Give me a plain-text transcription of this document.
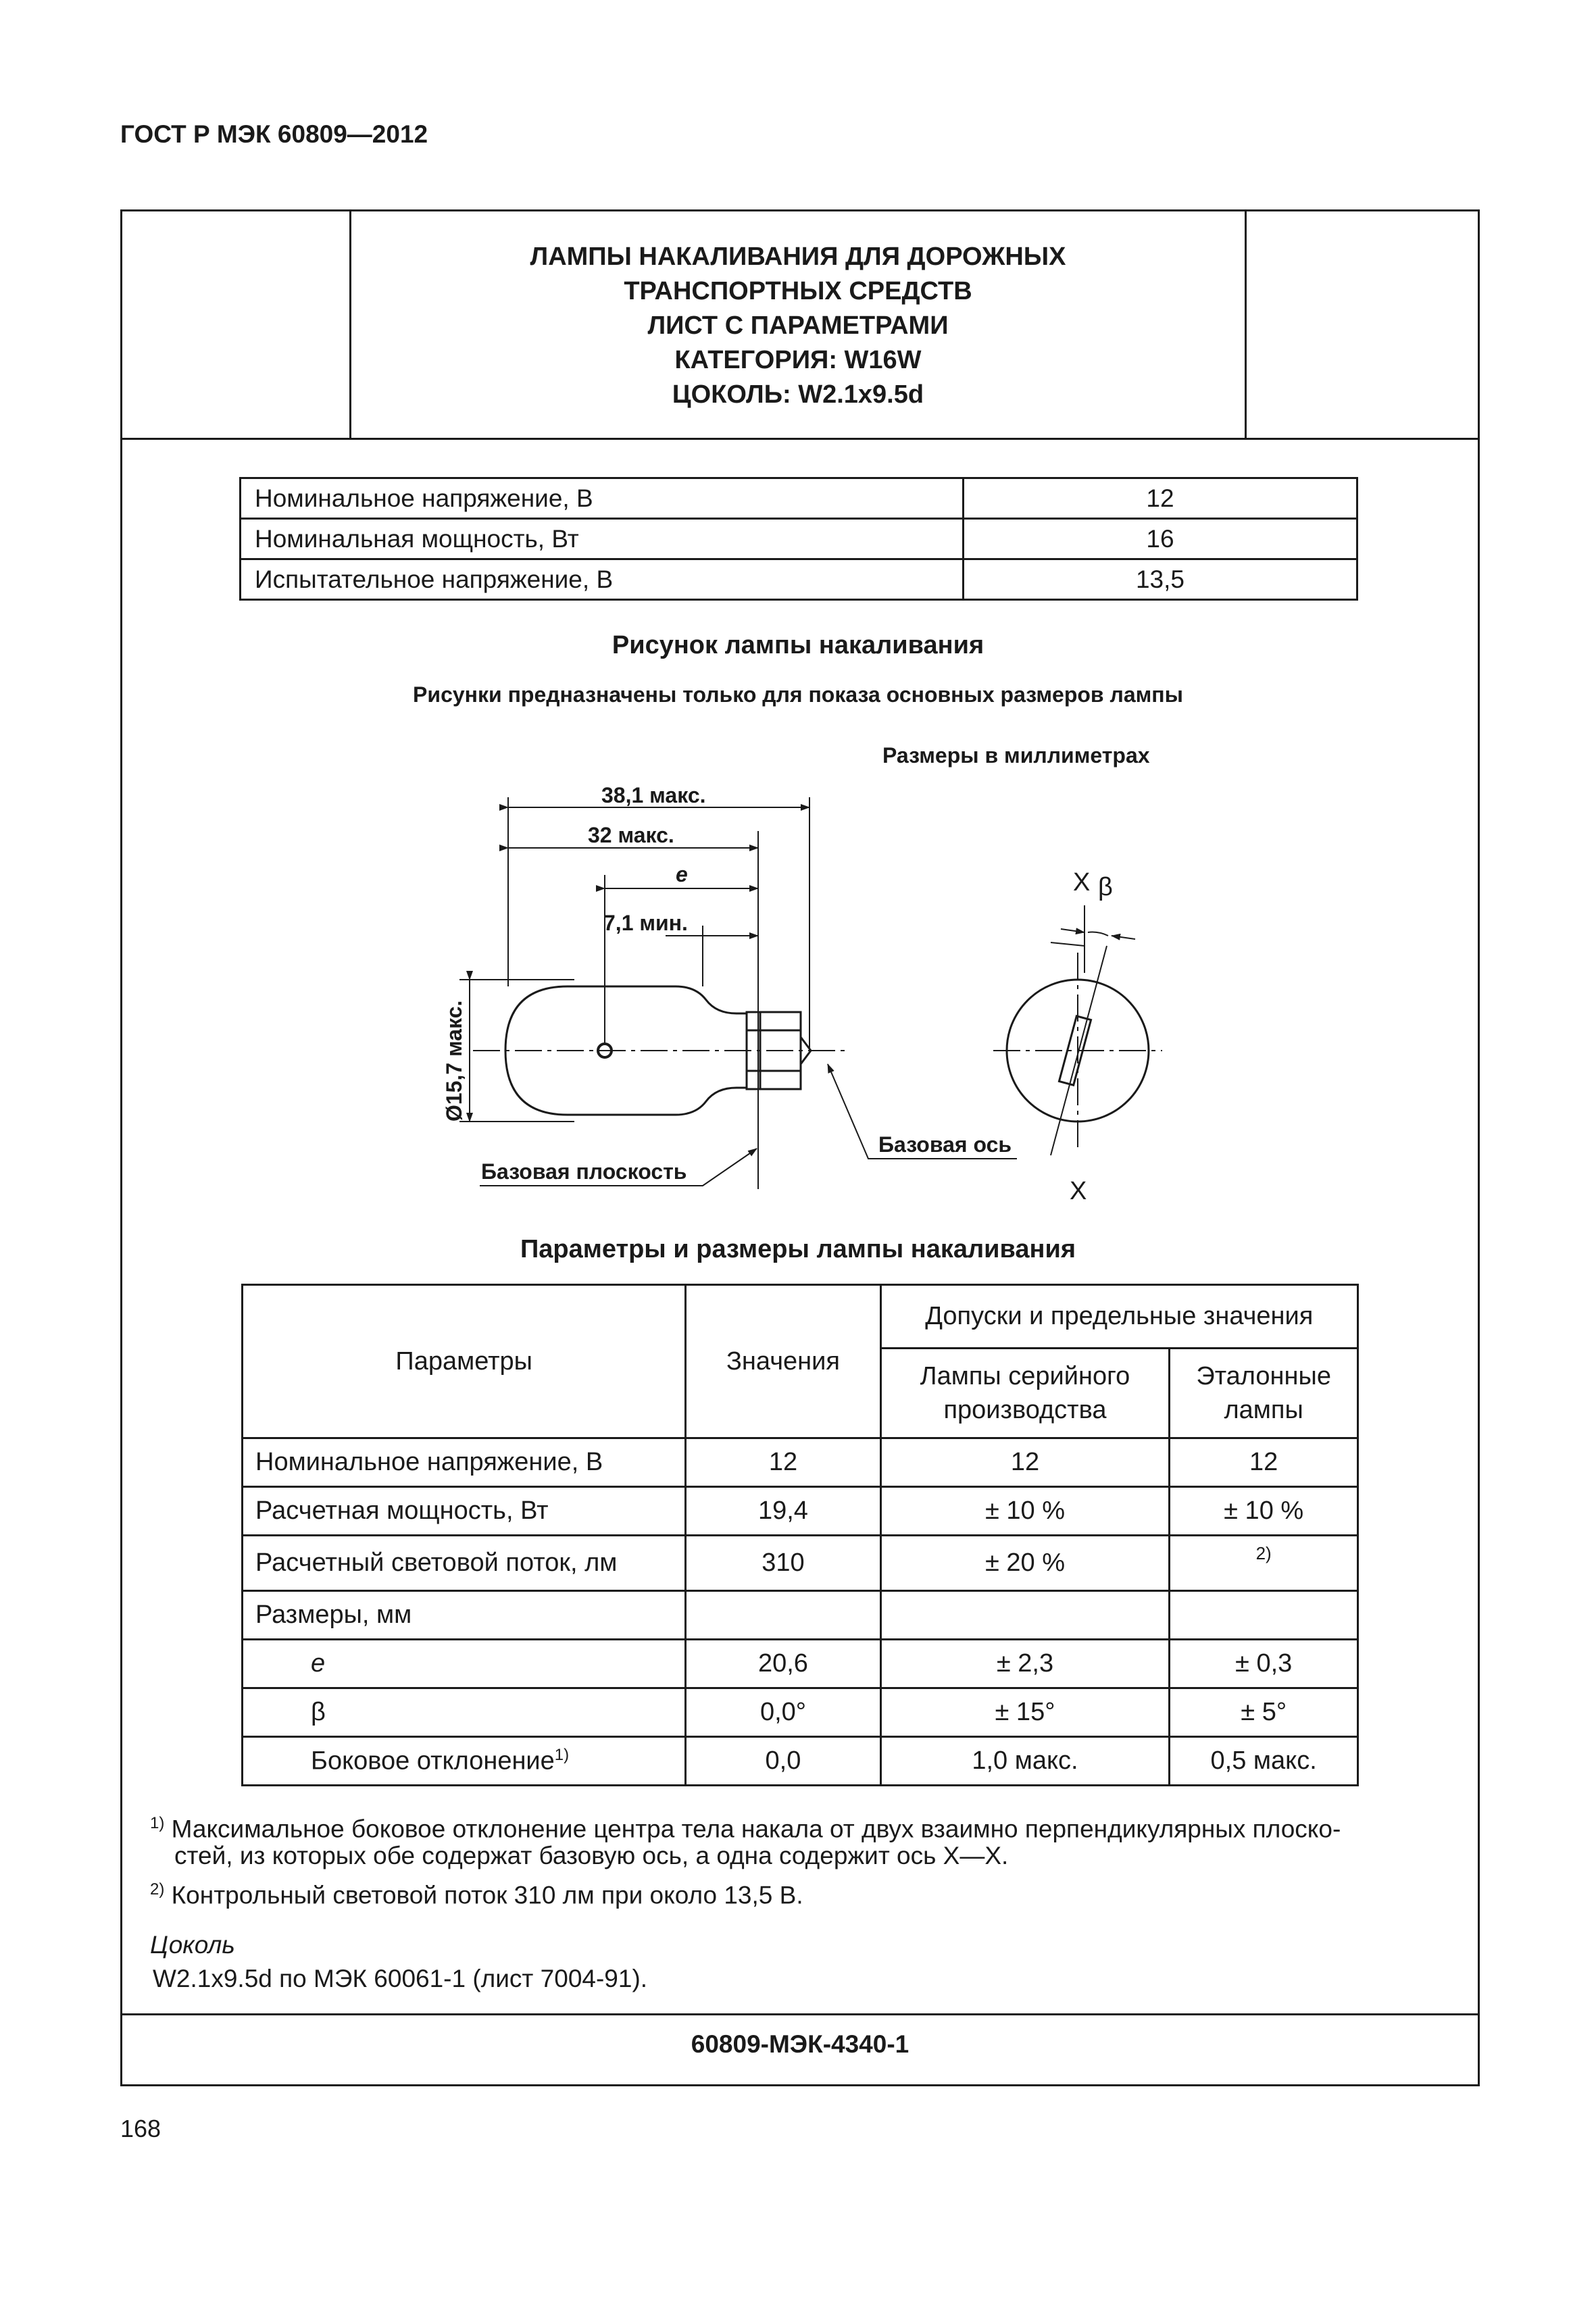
ГОСТ Р МЭК 60809—2012
ЛАМПЫ НАКАЛИВАНИЯ ДЛЯ ДОРОЖНЫХ
ТРАНСПОРТНЫХ СРЕДСТВ
ЛИСТ С ПАРАМЕТРАМИ
КАТЕГОРИЯ: W16W
ЦОКОЛЬ: W2.1x9.5d
Номинальное напряжение, В	12
Номинальная мощность, Вт	16
Испытательное напряжение, В	13,5
Рисунок лампы накаливания
Рисунки предназначены только для показа основных размеров лампы
Размеры в миллиметрах
38,1 макс.
32 макс.
e
7,1 мин.
Ø15,7 макс.
Базовая плоскость
Базовая ось
X β
X
Параметры и размеры лампы накаливания
Параметры	Значения	Допуски и предельные значения	
		Лампы серийного производства	Эталонные лампы
Номинальное напряжение, В	12	12	12
Расчетная мощность, Вт	19,4	± 10 %	± 10 %
Расчетный световой поток, лм	310	± 20 %	2)
Размеры, мм			
e	20,6	± 2,3	± 0,3
β	0,0°	± 15°	± 5°
Боковое отклонение$^{1)}$	0,0	1,0 макс.	0,5 макс.
$^{1)}$ Максимальное боковое отклонение центра тела накала от двух взаимно перпендикулярных плоско-
стей, из которых обе содержат базовую ось, а одна содержит ось X—X.
$^{2)}$ Контрольный световой поток 310 лм при около 13,5 В.
Цоколь
W2.1x9.5d по МЭК 60061-1 (лист 7004-91).
60809-МЭК-4340-1
168
